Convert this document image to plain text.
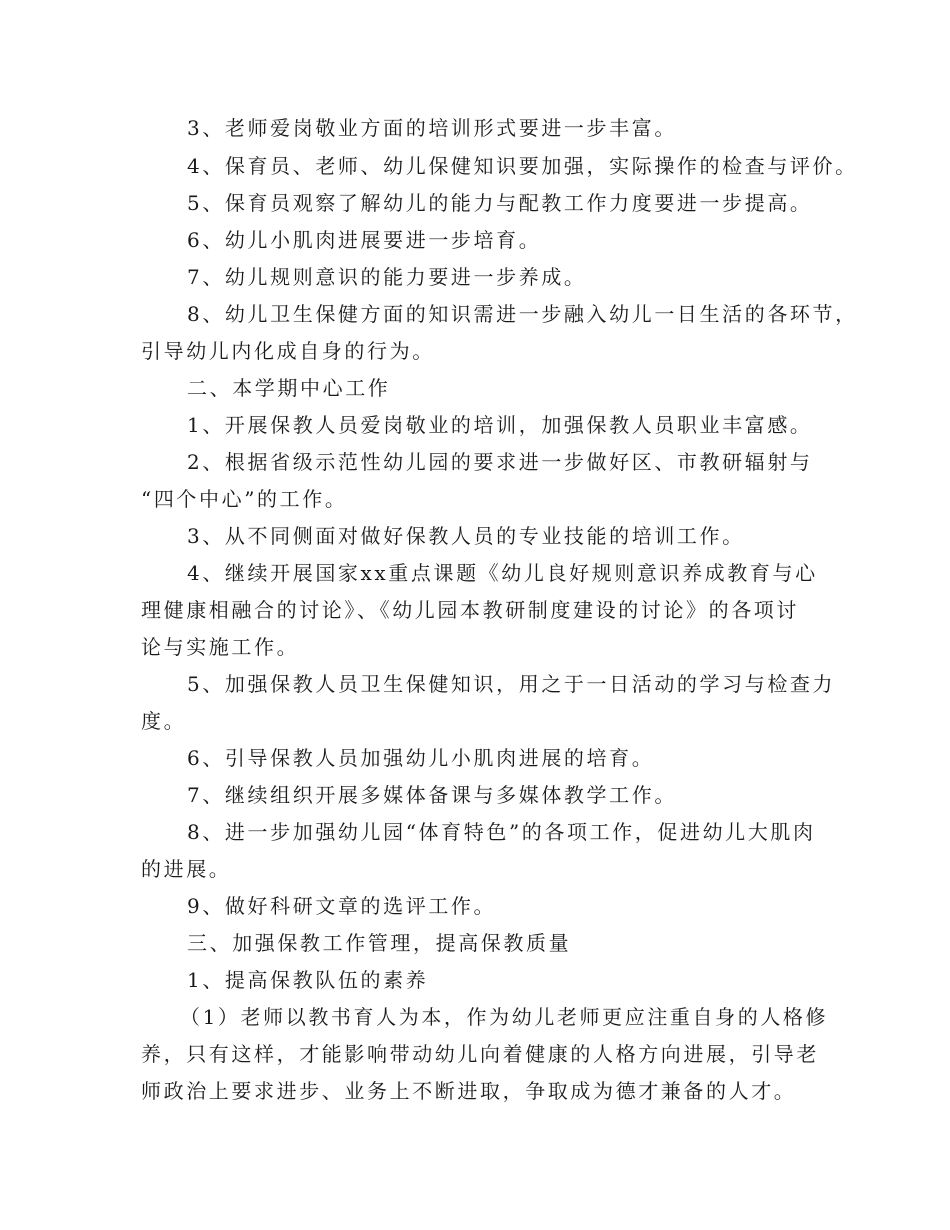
3、老师爱岗敬业方面的培训形式要进一步丰富。
4、保育员、老师、幼儿保健知识要加强，实际操作的检查与评价。
5、保育员观察了解幼儿的能力与配教工作力度要进一步提高。
6、幼儿小肌肉进展要进一步培育。
7、幼儿规则意识的能力要进一步养成。
8、幼儿卫生保健方面的知识需进一步融入幼儿一日生活的各环节，
引导幼儿内化成自身的行为。
二、本学期中心工作
1、开展保教人员爱岗敬业的培训，加强保教人员职业丰富感。
2、根据省级示范性幼儿园的要求进一步做好区、市教研辐射与
“四个中心”的工作。
3、从不同侧面对做好保教人员的专业技能的培训工作。
4、继续开展国家xx重点课题《幼儿良好规则意识养成教育与心
理健康相融合的讨论》、《幼儿园本教研制度建设的讨论》的各项讨
论与实施工作。
5、加强保教人员卫生保健知识，用之于一日活动的学习与检查力
度。
6、引导保教人员加强幼儿小肌肉进展的培育。
7、继续组织开展多媒体备课与多媒体教学工作。
8、进一步加强幼儿园“体育特色”的各项工作，促进幼儿大肌肉
的进展。
9、做好科研文章的选评工作。
三、加强保教工作管理，提高保教质量
1、提高保教队伍的素养
（1）老师以教书育人为本，作为幼儿老师更应注重自身的人格修
养，只有这样，才能影响带动幼儿向着健康的人格方向进展，引导老
师政治上要求进步、业务上不断进取，争取成为德才兼备的人才。
